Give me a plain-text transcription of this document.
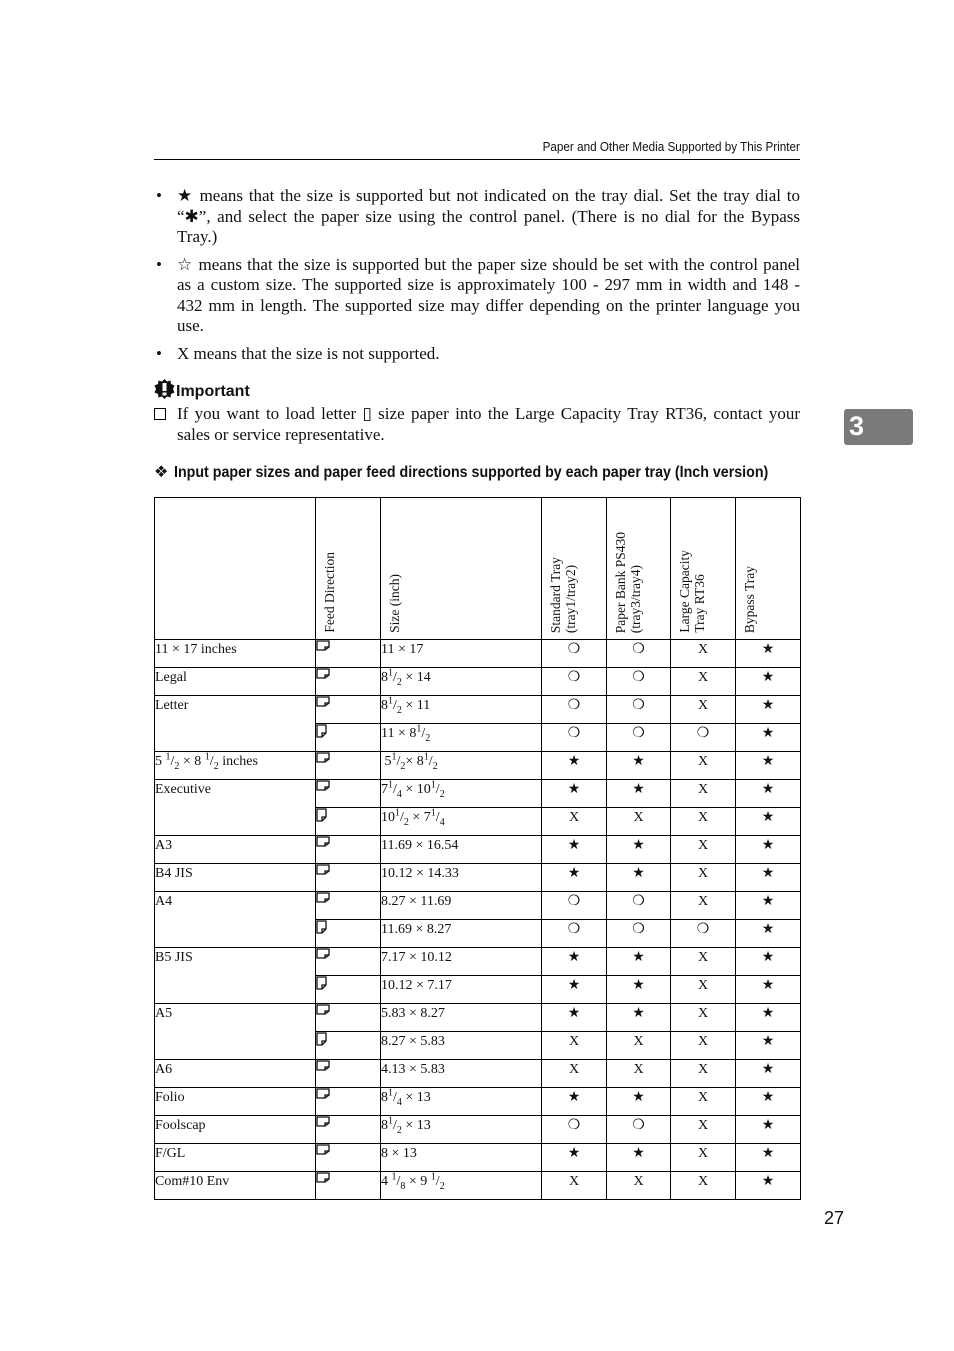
Paper and Other Media Supported by This Printer
• ★ means that the size is supported but not indicated on the tray dial. Set the tray dial to “✱”, and select the paper size using the control panel. (There is no dial for the Bypass Tray.)
• ☆ means that the size is supported but the paper size should be set with the control panel as a custom size. The supported size is approximately 100 - 297 mm in width and 148 - 432 mm in length. The supported size may differ depending on the printer language you use.
• X means that the size is not supported.
Important
If you want to load letter ▯ size paper into the Large Capacity Tray RT36, contact your sales or service representative.	3
❖ Input paper sizes and paper feed directions supported by each paper tray (Inch version)

	Feed Direction	Size (inch)	Standard Tray
(tray1/tray2)	Paper Bank PS430
(tray3/tray4)	Large Capacity
Tray RT36	Bypass Tray

11 × 17 inches		11 × 17	❍	❍	X	★
Legal		$8^1/_2 \times 14$	❍	❍	X	★
Letter		$8^1/_2 \times 11$	❍	❍	X	★
		$11 \times 8^1/_2$	❍	❍	❍	★
5 $^1/_2 \times 8$ $^1/_2$ inches		$5^1/_2\times 8^1/_2$	★	★	X	★
Executive		$7^1/_4 \times 10^1/_2$	★	★	X	★
		$10^1/_2 \times 7^1/_4$	X	X	X	★
A3		11.69 × 16.54	★	★	X	★
B4 JIS		10.12 × 14.33	★	★	X	★
A4		8.27 × 11.69	❍	❍	X	★
		11.69 × 8.27	❍	❍	❍	★
B5 JIS		7.17 × 10.12	★	★	X	★
		10.12 × 7.17	★	★	X	★
A5		5.83 × 8.27	★	★	X	★
		8.27 × 5.83	X	X	X	★
A6		4.13 × 5.83	X	X	X	★
Folio		$8^1/_4 \times 13$	★	★	X	★
Foolscap		$8^1/_2 \times 13$	❍	❍	X	★
F/GL		8 × 13	★	★	X	★
Com#10 Env		4 $^1/_8 \times 9$ $^1/_2$	X	X	X	★
27
